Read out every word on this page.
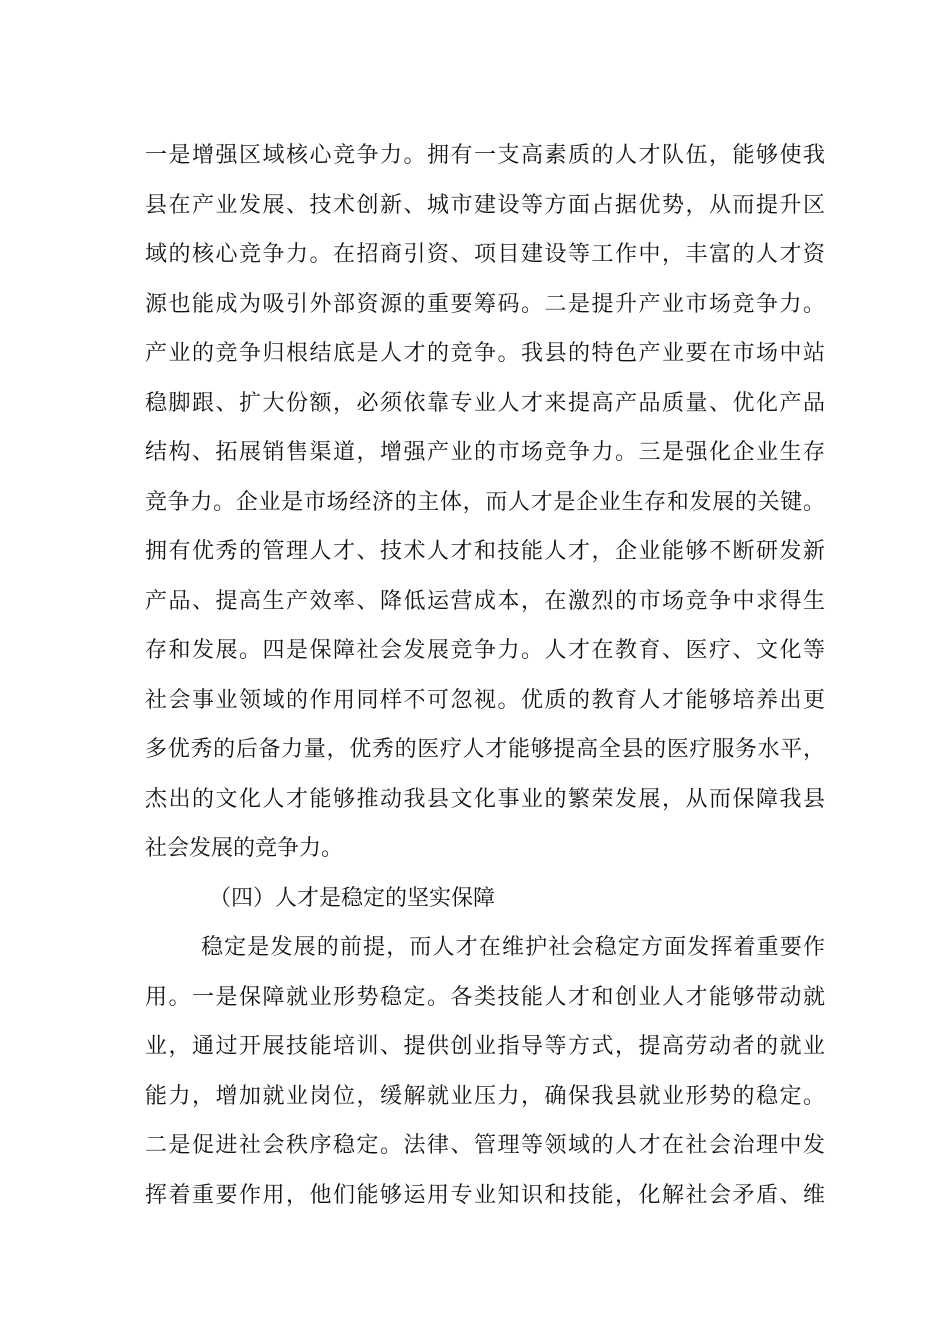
一是增强区域核心竞争力。拥有一支高素质的人才队伍，能够使我
县在产业发展、技术创新、城市建设等方面占据优势，从而提升区
域的核心竞争力。在招商引资、项目建设等工作中，丰富的人才资
源也能成为吸引外部资源的重要筹码。二是提升产业市场竞争力。
产业的竞争归根结底是人才的竞争。我县的特色产业要在市场中站
稳脚跟、扩大份额，必须依靠专业人才来提高产品质量、优化产品
结构、拓展销售渠道，增强产业的市场竞争力。三是强化企业生存
竞争力。企业是市场经济的主体，而人才是企业生存和发展的关键。
拥有优秀的管理人才、技术人才和技能人才，企业能够不断研发新
产品、提高生产效率、降低运营成本，在激烈的市场竞争中求得生
存和发展。四是保障社会发展竞争力。人才在教育、医疗、文化等
社会事业领域的作用同样不可忽视。优质的教育人才能够培养出更
多优秀的后备力量，优秀的医疗人才能够提高全县的医疗服务水平，
杰出的文化人才能够推动我县文化事业的繁荣发展，从而保障我县
社会发展的竞争力。
（四）人才是稳定的坚实保障
稳定是发展的前提，而人才在维护社会稳定方面发挥着重要作
用。一是保障就业形势稳定。各类技能人才和创业人才能够带动就
业，通过开展技能培训、提供创业指导等方式，提高劳动者的就业
能力，增加就业岗位，缓解就业压力，确保我县就业形势的稳定。
二是促进社会秩序稳定。法律、管理等领域的人才在社会治理中发
挥着重要作用，他们能够运用专业知识和技能，化解社会矛盾、维
